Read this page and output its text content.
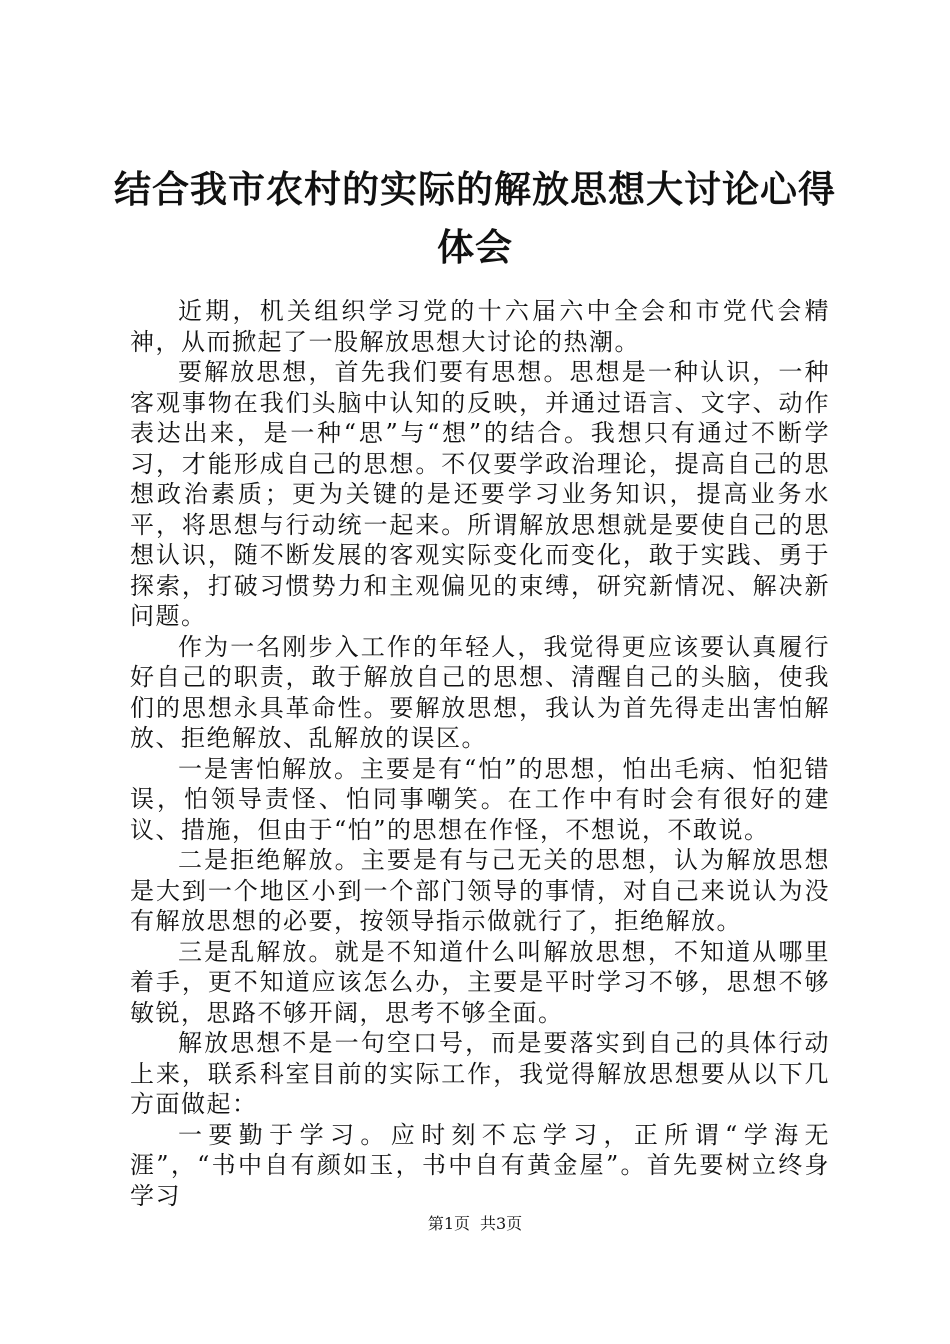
结合我市农村的实际的解放思想大讨论心得体会

近期，机关组织学习党的十六届六中全会和市党代会精神，从而掀起了一股解放思想大讨论的热潮。

要解放思想，首先我们要有思想。思想是一种认识，一种客观事物在我们头脑中认知的反映，并通过语言、文字、动作表达出来，是一种“思”与“想”的结合。我想只有通过不断学习，才能形成自己的思想。不仅要学政治理论，提高自己的思想政治素质；更为关键的是还要学习业务知识，提高业务水平，将思想与行动统一起来。所谓解放思想就是要使自己的思想认识，随不断发展的客观实际变化而变化，敢于实践、勇于探索，打破习惯势力和主观偏见的束缚，研究新情况、解决新问题。

作为一名刚步入工作的年轻人，我觉得更应该要认真履行好自己的职责，敢于解放自己的思想、清醒自己的头脑，使我们的思想永具革命性。要解放思想，我认为首先得走出害怕解放、拒绝解放、乱解放的误区。

一是害怕解放。主要是有“怕”的思想，怕出毛病、怕犯错误，怕领导责怪、怕同事嘲笑。在工作中有时会有很好的建议、措施，但由于“怕”的思想在作怪，不想说，不敢说。

二是拒绝解放。主要是有与己无关的思想，认为解放思想是大到一个地区小到一个部门领导的事情，对自己来说认为没有解放思想的必要，按领导指示做就行了，拒绝解放。

三是乱解放。就是不知道什么叫解放思想，不知道从哪里着手，更不知道应该怎么办，主要是平时学习不够，思想不够敏锐，思路不够开阔，思考不够全面。

解放思想不是一句空口号，而是要落实到自己的具体行动上来，联系科室目前的实际工作，我觉得解放思想要从以下几方面做起：

一要勤于学习。应时刻不忘学习，正所谓“学海无涯”，“书中自有颜如玉，书中自有黄金屋”。首先要树立终身学习

第1页 共3页
